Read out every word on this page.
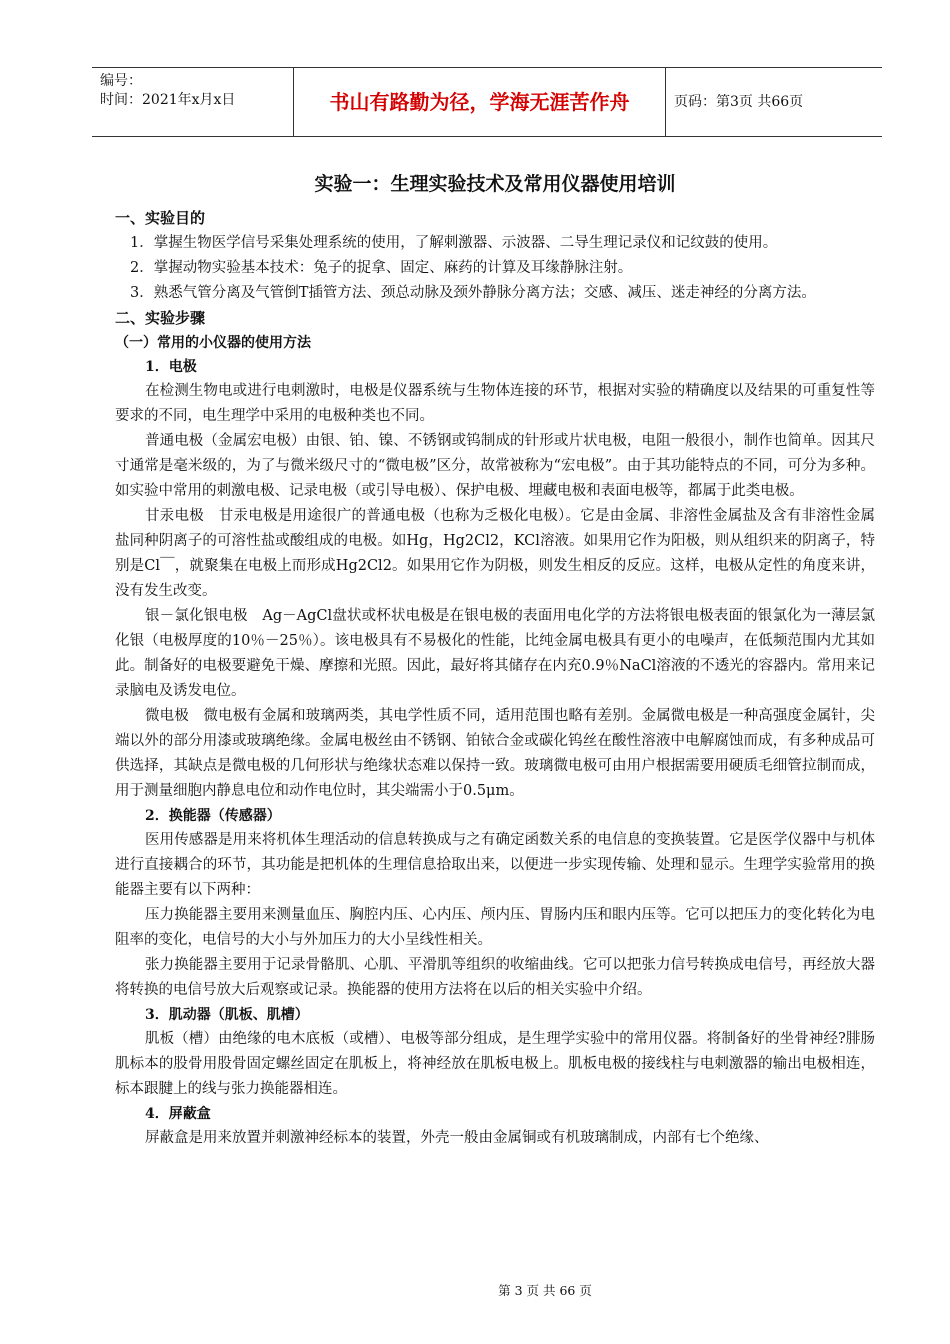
编号：
时间：2021年x月x日	书山有路勤为径，学海无涯苦作舟	页码：第3页 共66页
实验一：生理实验技术及常用仪器使用培训
一、实验目的
1．掌握生物医学信号采集处理系统的使用，了解刺激器、示波器、二导生理记录仪和记纹鼓的使用。
2．掌握动物实验基本技术：兔子的捉拿、固定、麻药的计算及耳缘静脉注射。
3．熟悉气管分离及气管倒T插管方法、颈总动脉及颈外静脉分离方法；交感、减压、迷走神经的分离方法。
二、实验步骤
（一）常用的小仪器的使用方法
1．电极
在检测生物电或进行电刺激时，电极是仪器系统与生物体连接的环节，根据对实验的精确度以及结果的可重复性等要求的不同，电生理学中采用的电极种类也不同。
普通电极（金属宏电极）由银、铂、镍、不锈钢或钨制成的针形或片状电极，电阻一般很小，制作也简单。因其尺寸通常是毫米级的，为了与微米级尺寸的“微电极”区分，故常被称为“宏电极”。由于其功能特点的不同，可分为多种。如实验中常用的刺激电极、记录电极（或引导电极）、保护电极、埋藏电极和表面电极等，都属于此类电极。
甘汞电极　甘汞电极是用途很广的普通电极（也称为乏极化电极）。它是由金属、非溶性金属盐及含有非溶性金属盐同种阴离子的可溶性盐或酸组成的电极。如Hg，Hg2Cl2，KCl溶液。如果用它作为阳极，则从组织来的阴离子，特别是Cl￣，就聚集在电极上而形成Hg2Cl2。如果用它作为阴极，则发生相反的反应。这样，电极从定性的角度来讲，没有发生改变。
银－氯化银电极　Ag－AgCl盘状或杯状电极是在银电极的表面用电化学的方法将银电极表面的银氯化为一薄层氯化银（电极厚度的10％－25％）。该电极具有不易极化的性能，比纯金属电极具有更小的电噪声，在低频范围内尤其如此。制备好的电极要避免干燥、摩擦和光照。因此，最好将其储存在内充0.9％NaCl溶液的不透光的容器内。常用来记录脑电及诱发电位。
微电极　微电极有金属和玻璃两类，其电学性质不同，适用范围也略有差别。金属微电极是一种高强度金属针，尖端以外的部分用漆或玻璃绝缘。金属电极丝由不锈钢、铂铱合金或碳化钨丝在酸性溶液中电解腐蚀而成，有多种成品可供选择，其缺点是微电极的几何形状与绝缘状态难以保持一致。玻璃微电极可由用户根据需要用硬质毛细管拉制而成，用于测量细胞内静息电位和动作电位时，其尖端需小于0.5μm。
2．换能器（传感器）
医用传感器是用来将机体生理活动的信息转换成与之有确定函数关系的电信息的变换装置。它是医学仪器中与机体进行直接耦合的环节，其功能是把机体的生理信息拾取出来，以便进一步实现传输、处理和显示。生理学实验常用的换能器主要有以下两种：
压力换能器主要用来测量血压、胸腔内压、心内压、颅内压、胃肠内压和眼内压等。它可以把压力的变化转化为电阻率的变化，电信号的大小与外加压力的大小呈线性相关。
张力换能器主要用于记录骨骼肌、心肌、平滑肌等组织的收缩曲线。它可以把张力信号转换成电信号，再经放大器将转换的电信号放大后观察或记录。换能器的使用方法将在以后的相关实验中介绍。
3．肌动器（肌板、肌槽）
肌板（槽）由绝缘的电木底板（或槽）、电极等部分组成，是生理学实验中的常用仪器。将制备好的坐骨神经?腓肠肌标本的股骨用股骨固定螺丝固定在肌板上，将神经放在肌板电极上。肌板电极的接线柱与电刺激器的输出电极相连，标本跟腱上的线与张力换能器相连。
4．屏蔽盒
屏蔽盒是用来放置并刺激神经标本的装置，外壳一般由金属铜或有机玻璃制成，内部有七个绝缘、
第 3 页 共 66 页
